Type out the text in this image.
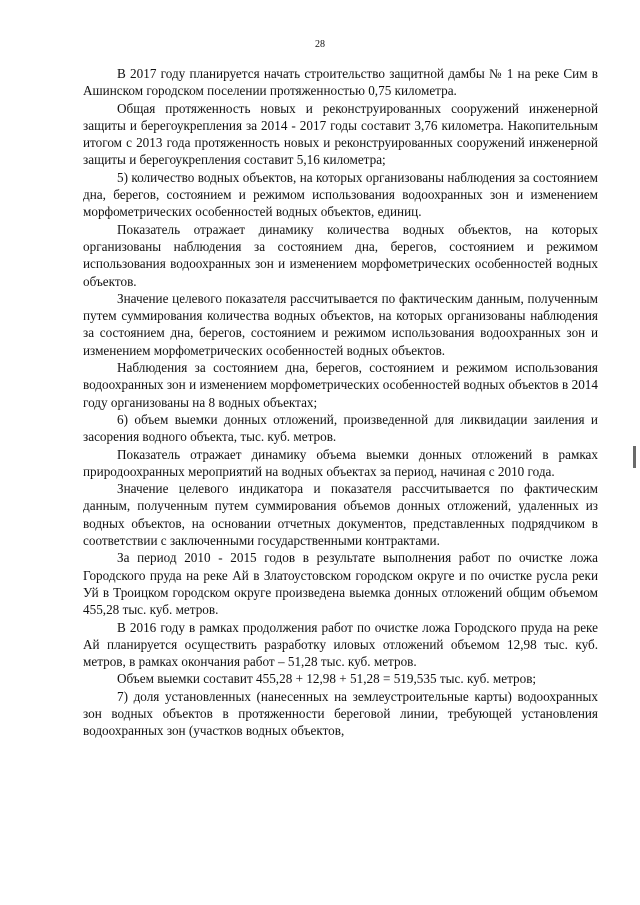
28

В 2017 году планируется начать строительство защитной дамбы № 1 на реке Сим в Ашинском городском поселении протяженностью 0,75 километра.

Общая протяженность новых и реконструированных сооружений инженерной защиты и берегоукрепления за 2014 - 2017 годы составит 3,76 километра. Накопительным итогом с 2013 года протяженность новых и реконструированных сооружений инженерной защиты и берегоукрепления составит 5,16 километра;

5) количество водных объектов, на которых организованы наблюдения за состоянием дна, берегов, состоянием и режимом использования водоохранных зон и изменением морфометрических особенностей водных объектов, единиц.

Показатель отражает динамику количества водных объектов, на которых организованы наблюдения за состоянием дна, берегов, состоянием и режимом использования водоохранных зон и изменением морфометрических особенностей водных объектов.

Значение целевого показателя рассчитывается по фактическим данным, полученным путем суммирования количества водных объектов, на которых организованы наблюдения за состоянием дна, берегов, состоянием и режимом использования водоохранных зон и изменением морфометрических особенностей водных объектов.

Наблюдения за состоянием дна, берегов, состоянием и режимом использования водоохранных зон и изменением морфометрических особенностей водных объектов в 2014 году организованы на 8 водных объектах;

6) объем выемки донных отложений, произведенной для ликвидации заиления и засорения водного объекта, тыс. куб. метров.

Показатель отражает динамику объема выемки донных отложений в рамках природоохранных мероприятий на водных объектах за период, начиная с 2010 года.

Значение целевого индикатора и показателя рассчитывается по фактическим данным, полученным путем суммирования объемов донных отложений, удаленных из водных объектов, на основании отчетных документов, представленных подрядчиком в соответствии с заключенными государственными контрактами.

За период 2010 - 2015 годов в результате выполнения работ по очистке ложа Городского пруда на реке Ай в Златоустовском городском округе и по очистке русла реки Уй в Троицком городском округе произведена выемка донных отложений общим объемом 455,28 тыс. куб. метров.

В 2016 году в рамках продолжения работ по очистке ложа Городского пруда на реке Ай планируется осуществить разработку иловых отложений объемом 12,98 тыс. куб. метров, в рамках окончания работ – 51,28 тыс. куб. метров.

Объем выемки составит 455,28 + 12,98 + 51,28 = 519,535 тыс. куб. метров;

7) доля установленных (нанесенных на землеустроительные карты) водоохранных зон водных объектов в протяженности береговой линии, требующей установления водоохранных зон (участков водных объектов,
